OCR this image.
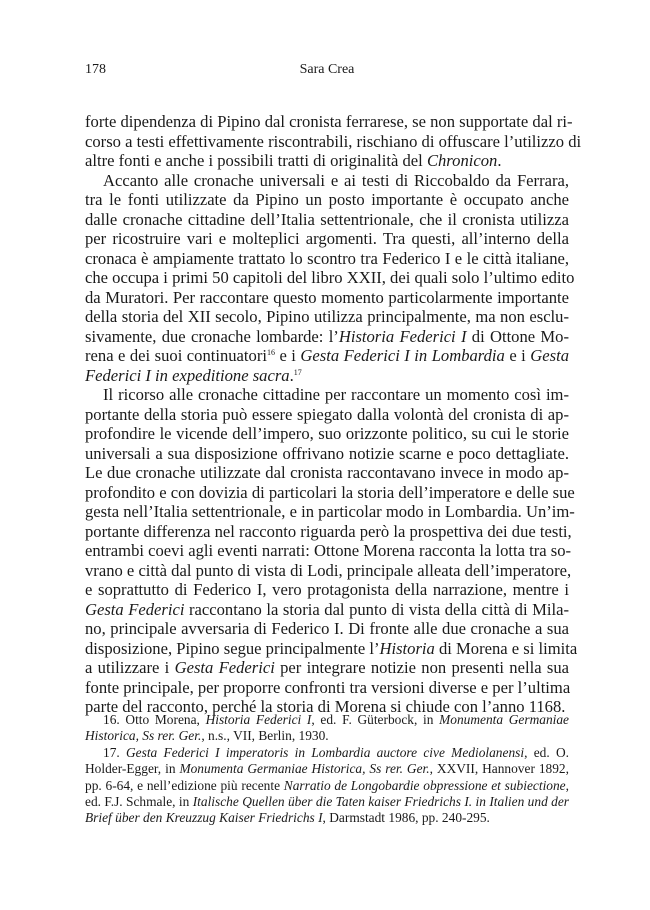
178	Sara Crea
forte dipendenza di Pipino dal cronista ferrarese, se non supportate dal ri-
corso a testi effettivamente riscontrabili, rischiano di offuscare l’utilizzo di
altre fonti e anche i possibili tratti di originalità del Chronicon.
Accanto alle cronache universali e ai testi di Riccobaldo da Ferrara,
tra le fonti utilizzate da Pipino un posto importante è occupato anche
dalle cronache cittadine dell’Italia settentrionale, che il cronista utilizza
per ricostruire vari e molteplici argomenti. Tra questi, all’interno della
cronaca è ampiamente trattato lo scontro tra Federico I e le città italiane,
che occupa i primi 50 capitoli del libro XXII, dei quali solo l’ultimo edito
da Muratori. Per raccontare questo momento particolarmente importante
della storia del XII secolo, Pipino utilizza principalmente, ma non esclu-
sivamente, due cronache lombarde: l’Historia Federici I di Ottone Mo-
rena e dei suoi continuatori$^{16}$ e i Gesta Federici I in Lombardia e i Gesta
Federici I in expeditione sacra.$^{17}$
Il ricorso alle cronache cittadine per raccontare un momento così im-
portante della storia può essere spiegato dalla volontà del cronista di ap-
profondire le vicende dell’impero, suo orizzonte politico, su cui le storie
universali a sua disposizione offrivano notizie scarne e poco dettagliate.
Le due cronache utilizzate dal cronista raccontavano invece in modo ap-
profondito e con dovizia di particolari la storia dell’imperatore e delle sue
gesta nell’Italia settentrionale, e in particolar modo in Lombardia. Un’im-
portante differenza nel racconto riguarda però la prospettiva dei due testi,
entrambi coevi agli eventi narrati: Ottone Morena racconta la lotta tra so-
vrano e città dal punto di vista di Lodi, principale alleata dell’imperatore,
e soprattutto di Federico I, vero protagonista della narrazione, mentre i
Gesta Federici raccontano la storia dal punto di vista della città di Mila-
no, principale avversaria di Federico I. Di fronte alle due cronache a sua
disposizione, Pipino segue principalmente l’Historia di Morena e si limita
a utilizzare i Gesta Federici per integrare notizie non presenti nella sua
fonte principale, per proporre confronti tra versioni diverse e per l’ultima
parte del racconto, perché la storia di Morena si chiude con l’anno 1168.
16. Otto Morena, Historia Federici I, ed. F. Güterbock, in Monumenta Germaniae
Historica, Ss rer. Ger., n.s., VII, Berlin, 1930.
17. Gesta Federici I imperatoris in Lombardia auctore cive Mediolanensi, ed. O.
Holder-Egger, in Monumenta Germaniae Historica, Ss rer. Ger., XXVII, Hannover 1892,
pp. 6-64, e nell’edizione più recente Narratio de Longobardie obpressione et subiectione,
ed. F.J. Schmale, in Italische Quellen über die Taten kaiser Friedrichs I. in Italien und der
Brief über den Kreuzzug Kaiser Friedrichs I, Darmstadt 1986, pp. 240-295.
